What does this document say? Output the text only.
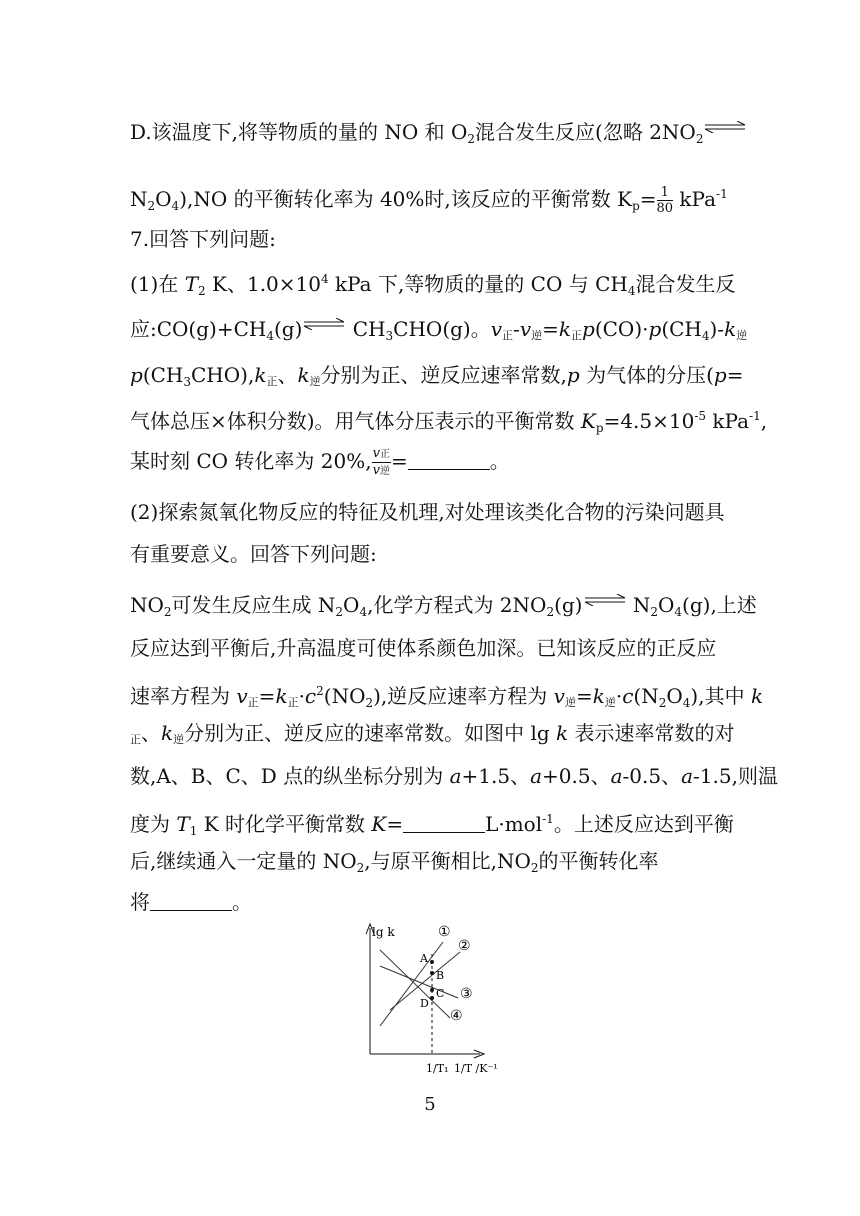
D.该温度下,将等物质的量的 NO 和 $O_2$混合发生反应(忽略 $2NO_2$
$N_2O_4),NO$ 的平衡转化率为 40%时,该反应的平衡常数 $K_p= \frac{1}{80} kPa^{-1}$
7.回答下列问题:
(1)在 $T_2$ K、$1.0\times 10^4$ kPa 下,等物质的量的 CO 与 $CH_4$混合发生反
应$:CO(g)+CH_4(g)\rightleftharpoons$ $CH_3CHO(g)$。v正-v逆=k正$p(CO)\cdot p(CH_4)-k$逆
$p(CH_3CHO),k$正、k逆分别为正、逆反应速率常数,p 为气体的分压(p=
气体总压×体积分数)。用气体分压表示的平衡常数 $K_p=4.5\times 10^{-5}$ kPa$^{-1}$,
某时刻 CO 转化率为 20%, $\frac{\text{v正}}{\text{v逆}}$ =	。
(2)探索氮氧化物反应的特征及机理,对处理该类化合物的污染问题具
有重要意义。回答下列问题:
$NO_2$可发生反应生成 $N_2O_4$,化学方程式为 $2NO_2(g)\rightleftharpoons$ $N_2O_4(g)$,上述
反应达到平衡后,升高温度可使体系颜色加深。已知该反应的正反应
速率方程为 v正=k正$\cdot c^2(NO_2)$,逆反应速率方程为 v逆=k逆$\cdot c(N_2O_4)$,其中 k
正、k逆分别为正、逆反应的速率常数。如图中 lg k 表示速率常数的对
数,A、B、C、D 点的纵坐标分别为 a+1.5、a+0.5、a-0.5、a-1.5,则温
度为 $T_1$ K 时化学平衡常数 K=	L·mol$^{-1}$。上述反应达到平衡
后,继续通入一定量的 $NO_2$,与原平衡相比$,NO_2$的平衡转化率
将	。
lg k
A
B
C
D
①
②
③
④
1/T₁ 1/T /K⁻¹
5
